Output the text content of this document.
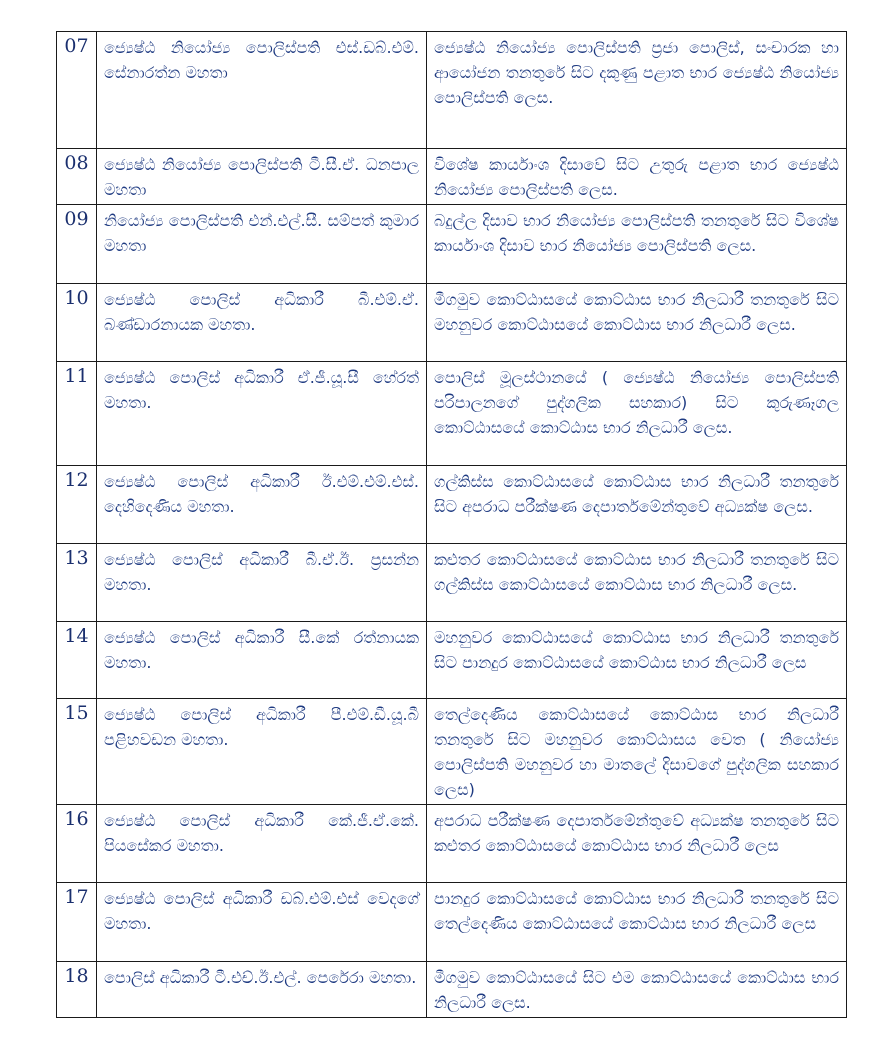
07	ජ්‍යෙෂ්ඨ නියෝජ්‍ය පොලිස්පති එස්.ඩබ්.එම්. සේනාරත්න මහතා	ජ්‍යෙෂ්ඨ නියෝජ්‍ය පොලිස්පති ප්‍රජා පොලිස්, සංචාරක හා ආයෝජන තනතුරේ සිට දකුණු පළාත භාර ජ්‍යෙෂ්ඨ නියෝජ්‍ය පොලිස්පති ලෙස.
08	ජ්‍යෙෂ්ඨ නියෝජ්‍ය පොලිස්පති ටී.සී.ඒ. ධනපාල මහතා	විශේෂ කාර්යාංශ දිසාවේ සිට උතුරු පළාත භාර ජ්‍යෙෂ්ඨ නියෝජ්‍ය පොලිස්පති ලෙස.
09	නියෝජ්‍ය පොලිස්පති එන්.එල්.සී. සම්පත් කුමාර මහතා	බදුල්ල දිසාව භාර නියෝජ්‍ය පොලිස්පති තනතුරේ සිට විශේෂ කාර්යාංශ දිසාව භාර නියෝජ්‍ය පොලිස්පති ලෙස.
10	ජ්‍යෙෂ්ඨ පොලිස් අධිකාරී බී.එම්.ඒ. බණ්ඩාරනායක මහතා.	මීගමුව කොට්ඨාසයේ කොට්ඨාස භාර නිලධාරී තනතුරේ සිට මහනුවර කොට්ඨාසයේ කොට්ඨාස භාර නිලධාරී ලෙස.
11	ජ්‍යෙෂ්ඨ පොලිස් අධිකාරී ඒ.ජී.යූ.සී හේරත් මහතා.	පොලිස් මූලස්ථානයේ ( ජ්‍යෙෂ්ඨ නියෝජ්‍ය පොලිස්පති පරිපාලනගේ පුද්ගලික සහකාර) සිට කුරුණෑගල කොට්ඨාසයේ කොට්ඨාස භාර නිලධාරී ලෙස.
12	ජ්‍යෙෂ්ඨ පොලිස් අධිකාරී ඊ.එම්.එම්.එස්. දෙහිදෙණිය මහතා.	ගල්කිස්ස කොට්ඨාසයේ කොට්ඨාස භාර නිලධාරී තනතුරේ සිට අපරාධ පරීක්ෂණ දෙපාර්තමේන්තුවේ අධ්‍යක්ෂ ලෙස.
13	ජ්‍යෙෂ්ඨ පොලිස් අධිකාරී බී.ඒ.ඊ. ප්‍රසන්න මහතා.	කළුතර කොට්ඨාසයේ කොට්ඨාස භාර නිලධාරී තනතුරේ සිට ගල්කිස්ස කොට්ඨාසයේ කොට්ඨාස භාර නිලධාරී ලෙස.
14	ජ්‍යෙෂ්ඨ පොලිස් අධිකාරී සී.කේ රත්නායක මහතා.	මහනුවර කොට්ඨාසයේ කොට්ඨාස භාර නිලධාරී තනතුරේ සිට පානදුර කොට්ඨාසයේ කොට්ඨාස භාර නිලධාරී ලෙස
15	ජ්‍යෙෂ්ඨ පොලිස් අධිකාරී පී.එම්.ඩී.යූ.බී පළිහවඩන මහතා.	තෙල්දෙණිය කොට්ඨාසයේ කොට්ඨාස භාර නිලධාරී තනතුරේ සිට මහනුවර කොට්ඨාසය වෙත ( නියෝජ්‍ය පොලිස්පති මහනුවර හා මාතලේ දිසාවගේ පුද්ගලික සහකාර ලෙස)
16	ජ්‍යෙෂ්ඨ පොලිස් අධිකාරී කේ.ජී.ඒ.කේ. පියසේකර මහතා.	අපරාධ පරීක්ෂණ දෙපාර්තමේන්තුවේ අධ්‍යක්ෂ තනතුරේ සිට කළුතර කොට්ඨාසයේ කොට්ඨාස භාර නිලධාරී ලෙස
17	ජ්‍යෙෂ්ඨ පොලිස් අධිකාරී ඩබ්.එම්.එස් වෙදගේ මහතා.	පානදුර කොට්ඨාසයේ කොට්ඨාස භාර නිලධාරී තනතුරේ සිට තෙල්දෙණිය කොට්ඨාසයේ කොට්ඨාස භාර නිලධාරී ලෙස
18	පොලිස් අධිකාරී ටී.එච්.ඊ.එල්. පෙරේරා මහතා.	මීගමුව කොට්ඨාසයේ සිට එම කොට්ඨාසයේ කොට්ඨාස භාර නිලධාරී ලෙස.
